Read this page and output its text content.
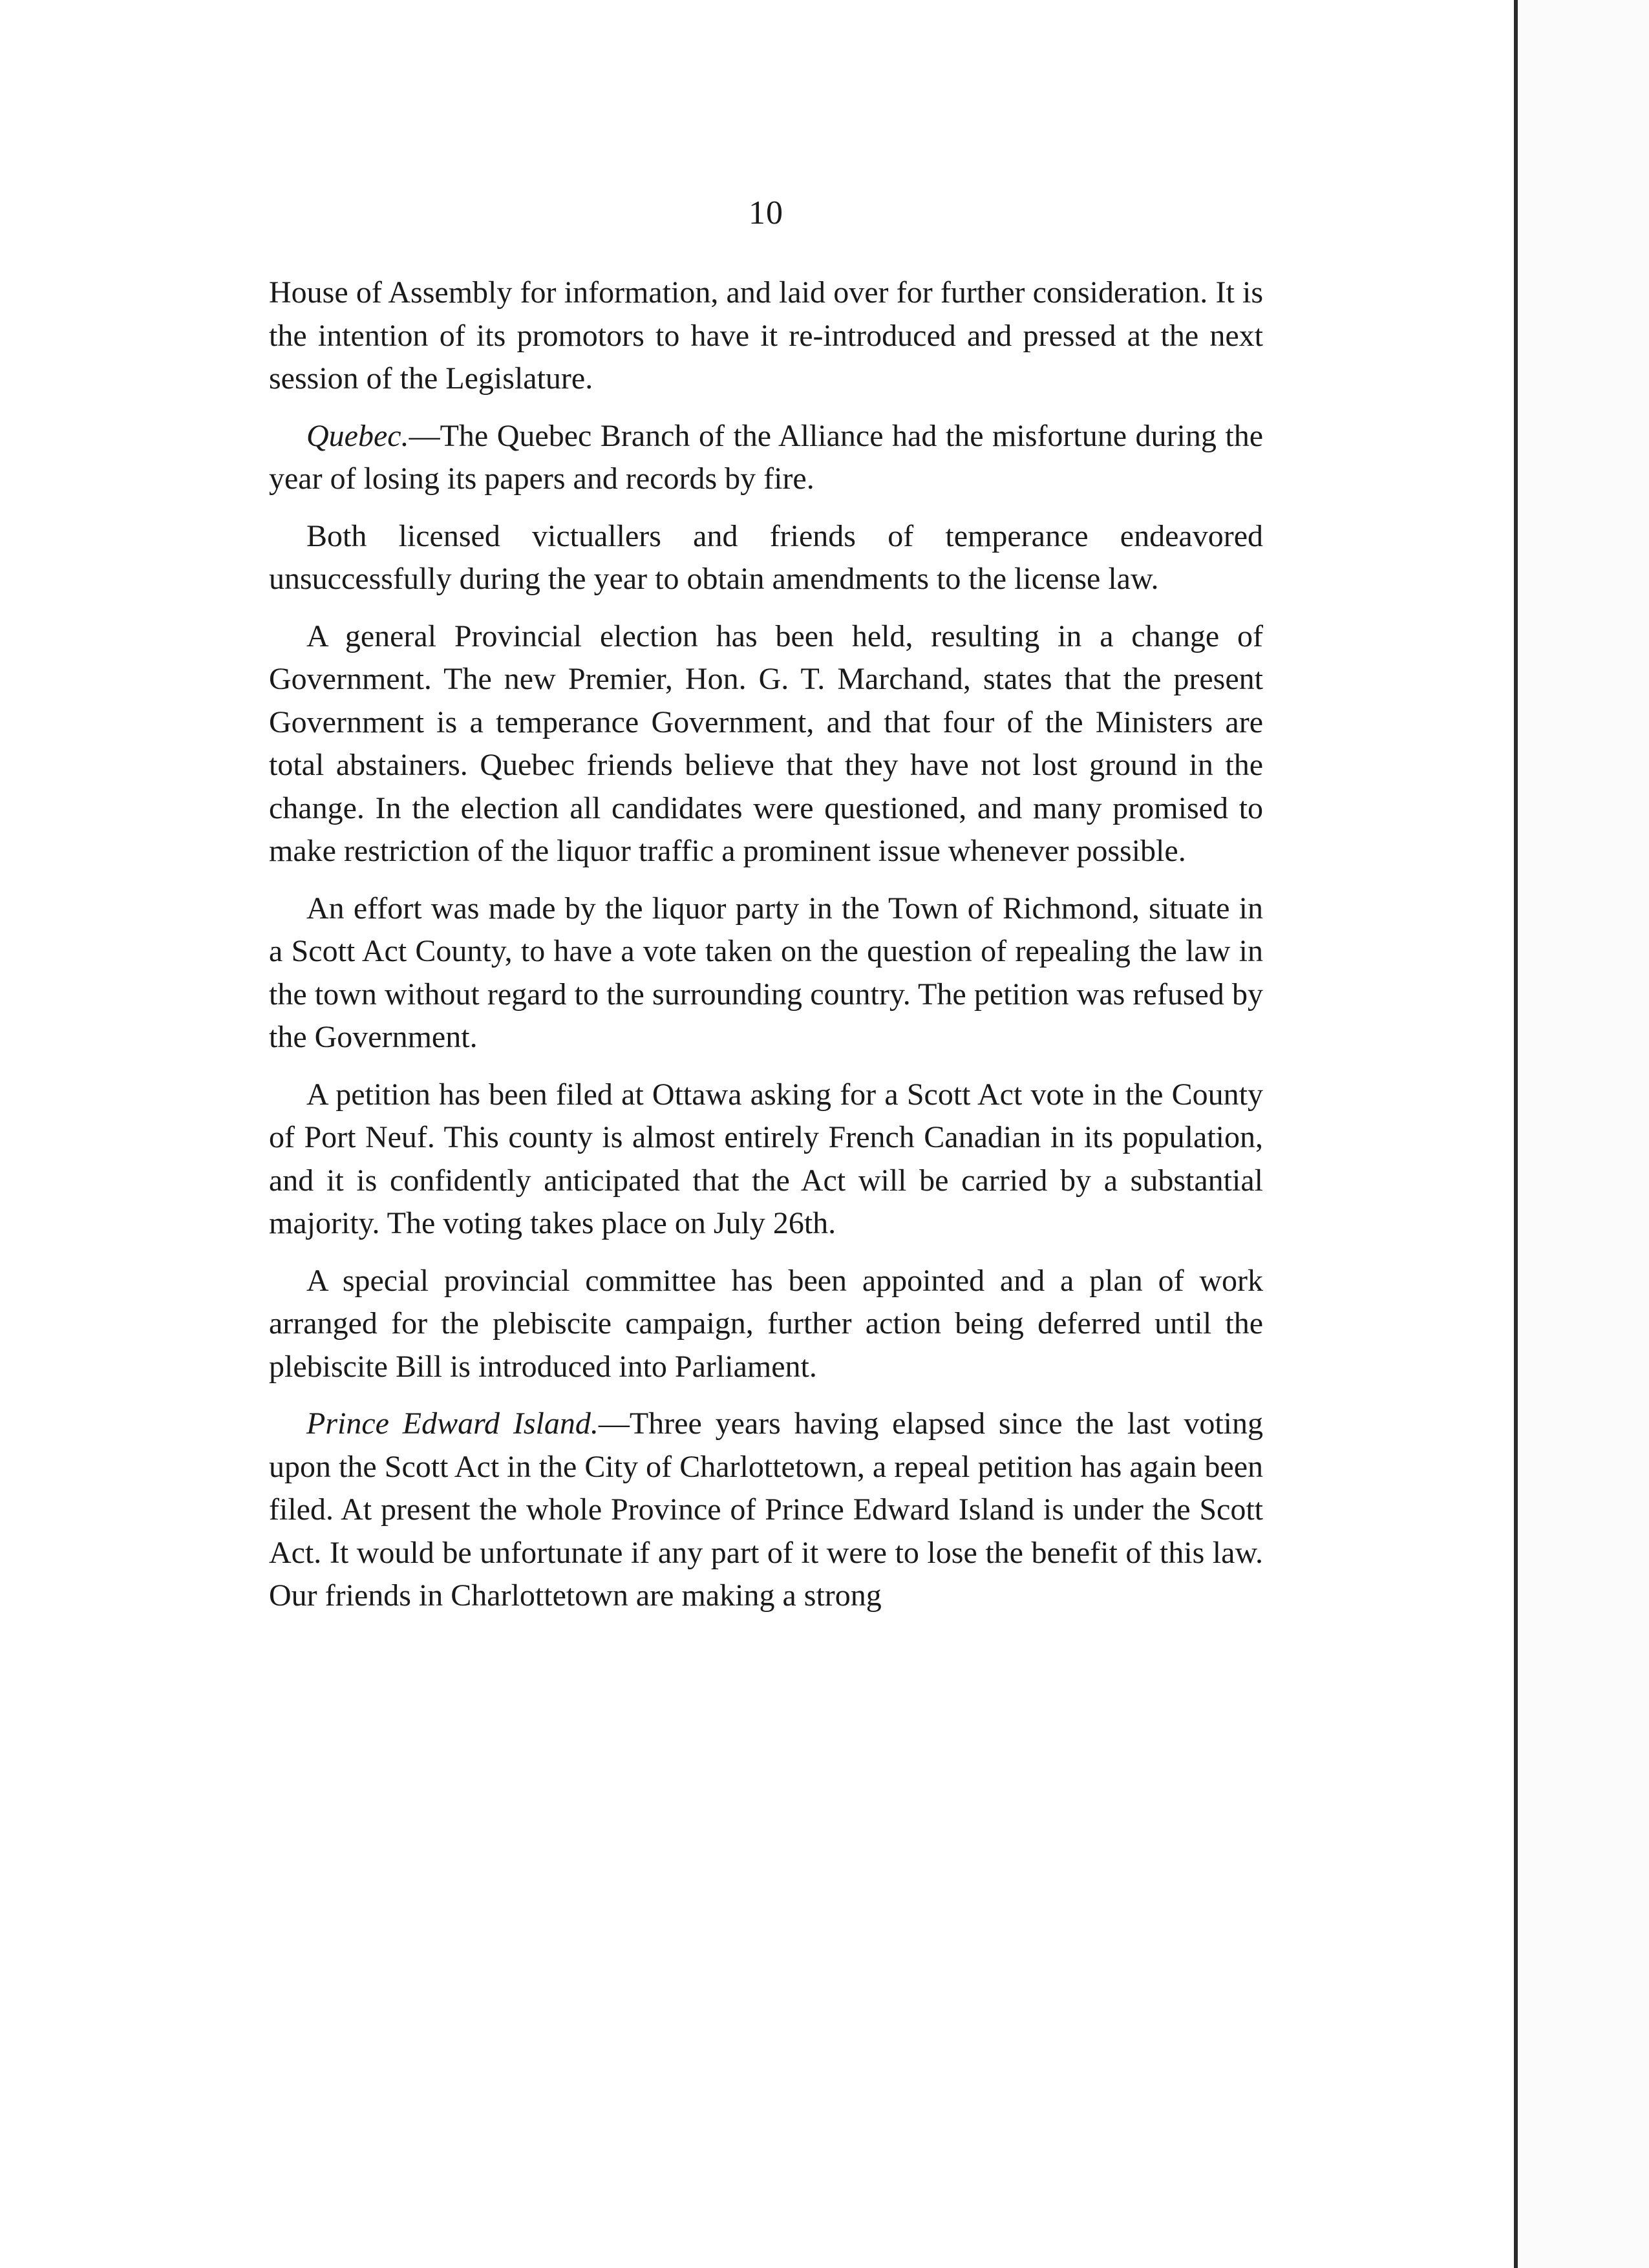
10

House of Assembly for information, and laid over for further consideration. It is the intention of its promotors to have it re-introduced and pressed at the next session of the Legislature.

Quebec.—The Quebec Branch of the Alliance had the misfortune during the year of losing its papers and records by fire.

Both licensed victuallers and friends of temperance endeavored unsuccessfully during the year to obtain amendments to the license law.

A general Provincial election has been held, resulting in a change of Government. The new Premier, Hon. G. T. Marchand, states that the present Government is a temperance Government, and that four of the Ministers are total abstainers. Quebec friends believe that they have not lost ground in the change. In the election all candidates were questioned, and many promised to make restriction of the liquor traffic a prominent issue whenever possible.

An effort was made by the liquor party in the Town of Richmond, situate in a Scott Act County, to have a vote taken on the question of repealing the law in the town without regard to the surrounding country. The petition was refused by the Government.

A petition has been filed at Ottawa asking for a Scott Act vote in the County of Port Neuf. This county is almost entirely French Canadian in its population, and it is confidently anticipated that the Act will be carried by a substantial majority. The voting takes place on July 26th.

A special provincial committee has been appointed and a plan of work arranged for the plebiscite campaign, further action being deferred until the plebiscite Bill is introduced into Parliament.

Prince Edward Island.—Three years having elapsed since the last voting upon the Scott Act in the City of Charlottetown, a repeal petition has again been filed. At present the whole Province of Prince Edward Island is under the Scott Act. It would be unfortunate if any part of it were to lose the benefit of this law. Our friends in Charlottetown are making a strong
